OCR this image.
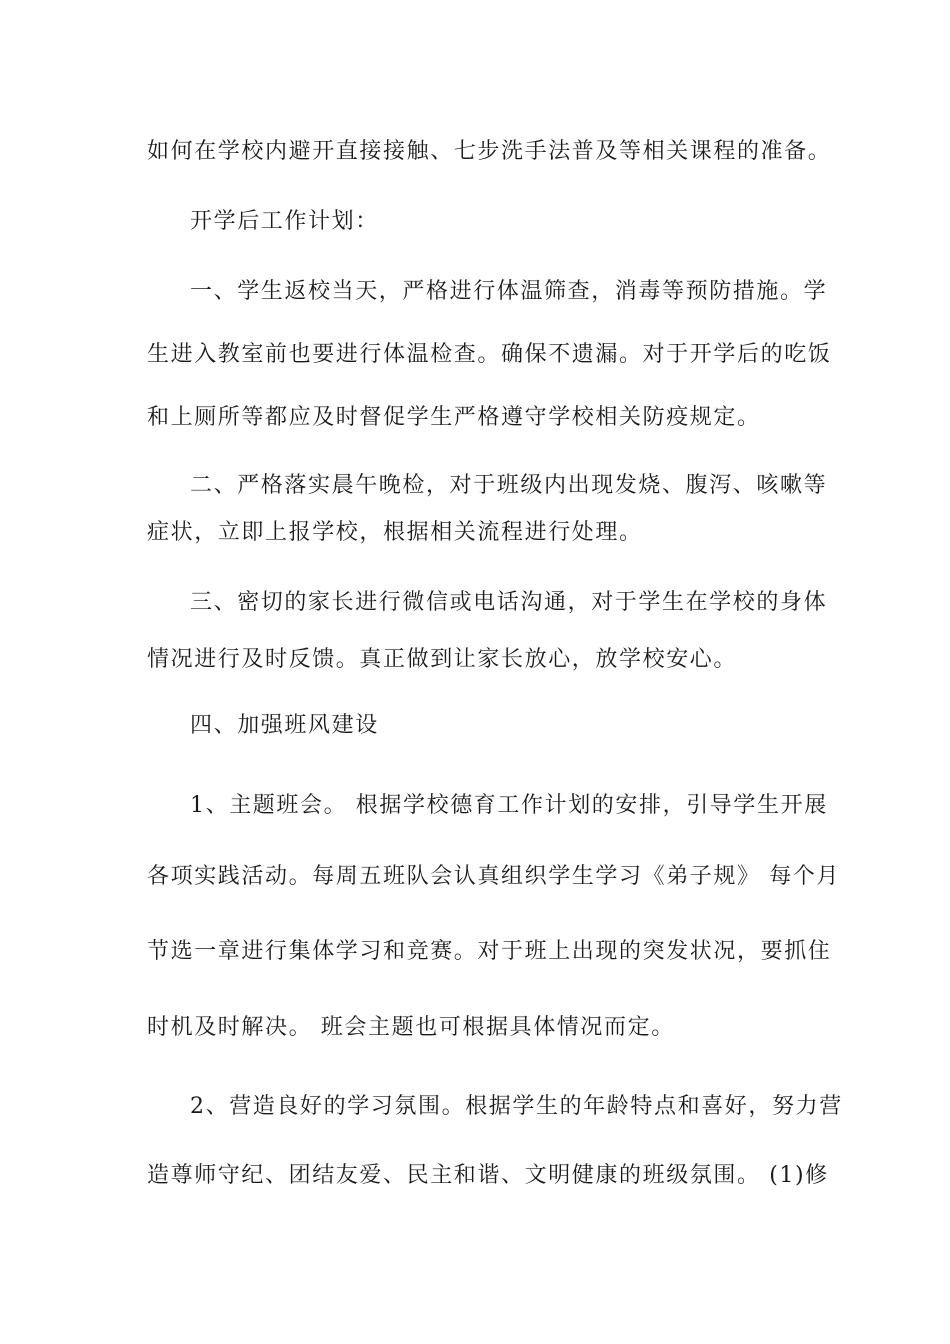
如何在学校内避开直接接触、七步洗手法普及等相关课程的准备。
开学后工作计划：
一、学生返校当天，严格进行体温筛查，消毒等预防措施。学
生进入教室前也要进行体温检查。确保不遗漏。对于开学后的吃饭
和上厕所等都应及时督促学生严格遵守学校相关防疫规定。
二、严格落实晨午晚检，对于班级内出现发烧、腹泻、咳嗽等
症状，立即上报学校，根据相关流程进行处理。
三、密切的家长进行微信或电话沟通，对于学生在学校的身体
情况进行及时反馈。真正做到让家长放心，放学校安心。
四、加强班风建设
1、主题班会。 根据学校德育工作计划的安排，引导学生开展
各项实践活动。每周五班队会认真组织学生学习《弟子规》 每个月
节选一章进行集体学习和竞赛。对于班上出现的突发状况，要抓住
时机及时解决。 班会主题也可根据具体情况而定。
2、营造良好的学习氛围。根据学生的年龄特点和喜好，努力营
造尊师守纪、团结友爱、民主和谐、文明健康的班级氛围。 (1)修
